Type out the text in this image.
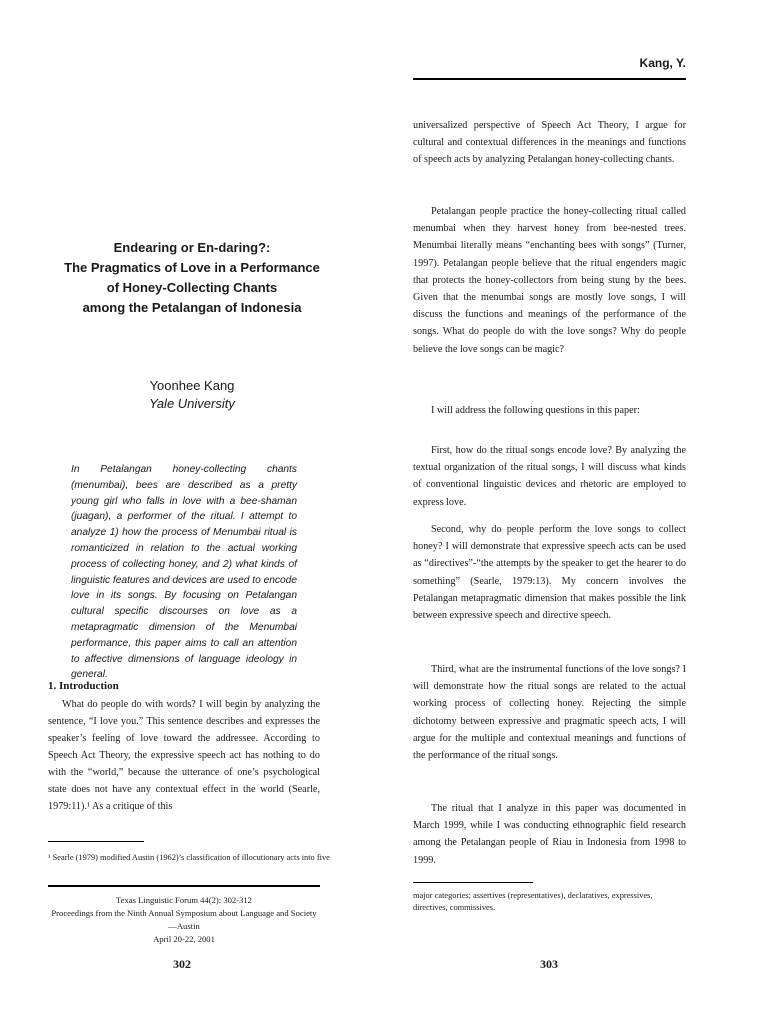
Endearing or En-daring?:
The Pragmatics of Love in a Performance
of Honey-Collecting Chants
among the Petalangan of Indonesia
Yoonhee Kang
Yale University
In Petalangan honey-collecting chants (menumbai), bees are described as a pretty young girl who falls in love with a bee-shaman (juagan), a performer of the ritual. I attempt to analyze 1) how the process of Menumbai ritual is romanticized in relation to the actual working process of collecting honey, and 2) what kinds of linguistic features and devices are used to encode love in its songs. By focusing on Petalangan cultural specific discourses on love as a metapragmatic dimension of the Menumbai performance, this paper aims to call an attention to affective dimensions of language ideology in general.
1. Introduction

What do people do with words? I will begin by analyzing the sentence, “I love you.” This sentence describes and expresses the speaker’s feeling of love toward the addressee. According to Speech Act Theory, the expressive speech act has nothing to do with the “world,” because the utterance of one’s psychological state does not have any contextual effect in the world (Searle, 1979:11).¹ As a critique of this

¹ Searle (1979) modified Austin (1962)’s classification of illocutionary acts into five
Texas Linguistic Forum 44(2): 302-312
Proceedings from the Ninth Annual Symposium about Language and Society—Austin
April 20-22, 2001
302
Kang, Y.

universalized perspective of Speech Act Theory, I argue for cultural and contextual differences in the meanings and functions of speech acts by analyzing Petalangan honey-collecting chants.

Petalangan people practice the honey-collecting ritual called menumbai when they harvest honey from bee-nested trees. Menumbai literally means “enchanting bees with songs” (Turner, 1997). Petalangan people believe that the ritual engenders magic that protects the honey-collectors from being stung by the bees. Given that the menumbai songs are mostly love songs, I will discuss the functions and meanings of the performance of the songs. What do people do with the love songs? Why do people believe the love songs can be magic?

I will address the following questions in this paper:

First, how do the ritual songs encode love? By analyzing the textual organization of the ritual songs, I will discuss what kinds of conventional linguistic devices and rhetoric are employed to express love.

Second, why do people perform the love songs to collect honey? I will demonstrate that expressive speech acts can be used as “directives”-“the attempts by the speaker to get the hearer to do something” (Searle, 1979:13). My concern involves the Petalangan metapragmatic dimension that makes possible the link between expressive speech and directive speech.

Third, what are the instrumental functions of the love songs? I will demonstrate how the ritual songs are related to the actual working process of collecting honey. Rejecting the simple dichotomy between expressive and pragmatic speech acts, I will argue for the multiple and contextual meanings and functions of the performance of the ritual songs.

The ritual that I analyze in this paper was documented in March 1999, while I was conducting ethnographic field research among the Petalangan people of Riau in Indonesia from 1998 to 1999.

major categories; assertives (representatives), declaratives, expressives, directives, commissives.
303
